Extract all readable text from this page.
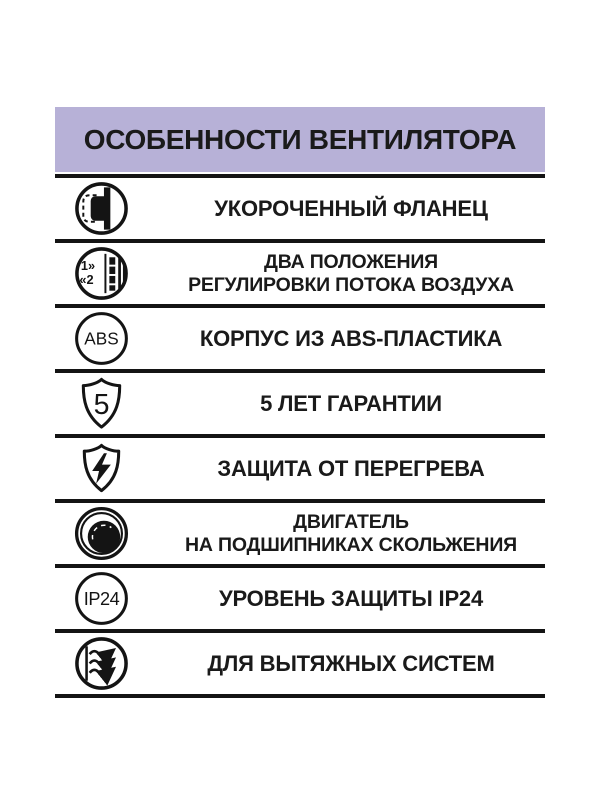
ОСОБЕННОСТИ ВЕНТИЛЯТОРА
УКОРОЧЕННЫЙ ФЛАНЕЦ
1»
«2
ДВА ПОЛОЖЕНИЯ
РЕГУЛИРОВКИ ПОТОКА ВОЗДУХА
ABS	КОРПУС ИЗ ABS-ПЛАСТИКА
5	5 ЛЕТ ГАРАНТИИ
ЗАЩИТА ОТ ПЕРЕГРЕВА
ДВИГАТЕЛЬ
НА ПОДШИПНИКАХ СКОЛЬЖЕНИЯ
IP24	УРОВЕНЬ ЗАЩИТЫ IP24
ДЛЯ ВЫТЯЖНЫХ СИСТЕМ
